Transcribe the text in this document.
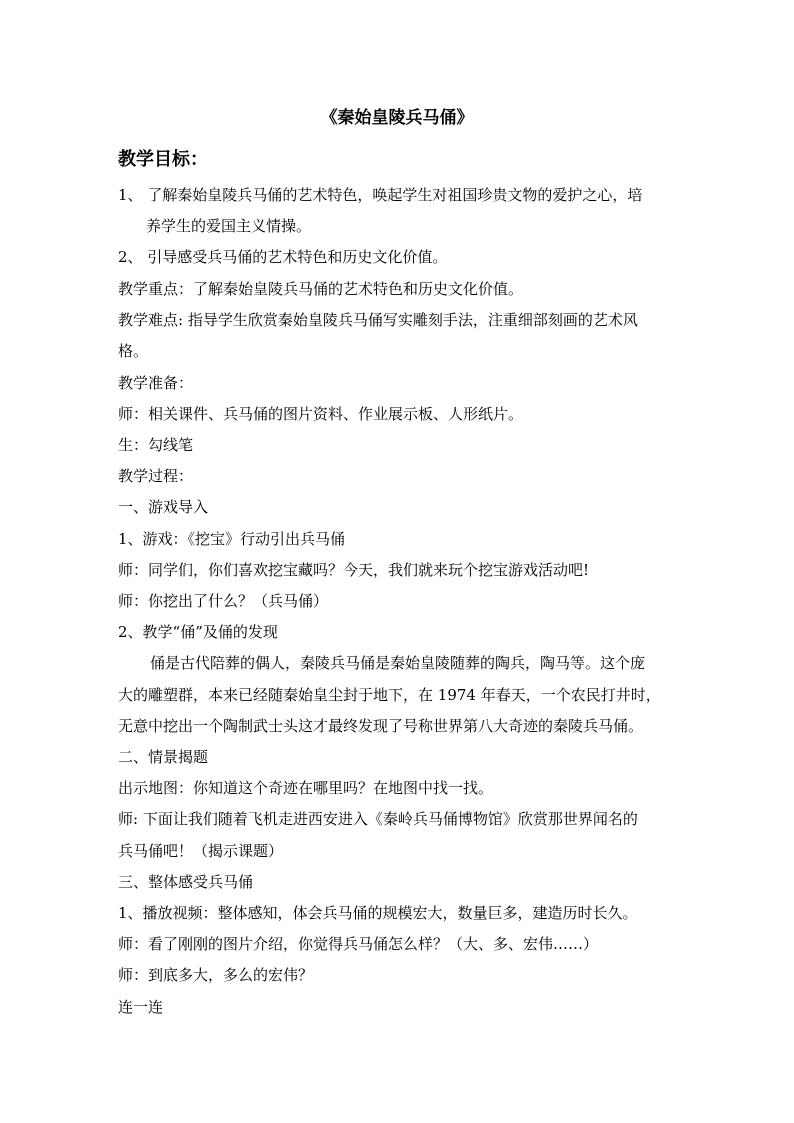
《秦始皇陵兵马俑》
教学目标：
1、 了解秦始皇陵兵马俑的艺术特色，唤起学生对祖国珍贵文物的爱护之心，培
养学生的爱国主义情操。
2、 引导感受兵马俑的艺术特色和历史文化价值。
教学重点：了解秦始皇陵兵马俑的艺术特色和历史文化价值。
教学难点: 指导学生欣赏秦始皇陵兵马俑写实雕刻手法，注重细部刻画的艺术风
格。
教学准备：
师：相关课件、兵马俑的图片资料、作业展示板、人形纸片。
生：勾线笔
教学过程：
一、游戏导入
1、游戏：《挖宝》行动引出兵马俑
师：同学们，你们喜欢挖宝藏吗？今天，我们就来玩个挖宝游戏活动吧!
师：你挖出了什么？（兵马俑）
2、教学“俑”及俑的发现
俑是古代陪葬的偶人，秦陵兵马俑是秦始皇陵随葬的陶兵，陶马等。这个庞
大的雕塑群，本来已经随秦始皇尘封于地下，在 1974 年春天，一个农民打井时，
无意中挖出一个陶制武士头这才最终发现了号称世界第八大奇迹的秦陵兵马俑。
二、情景揭题
出示地图：你知道这个奇迹在哪里吗？在地图中找一找。
师: 下面让我们随着飞机走进西安进入《秦岭兵马俑博物馆》欣赏那世界闻名的
兵马俑吧！（揭示课题）
三、整体感受兵马俑
1、播放视频：整体感知，体会兵马俑的规模宏大，数量巨多，建造历时长久。
师：看了刚刚的图片介绍，你觉得兵马俑怎么样？（大、多、宏伟……）
师：到底多大，多么的宏伟？
连一连
